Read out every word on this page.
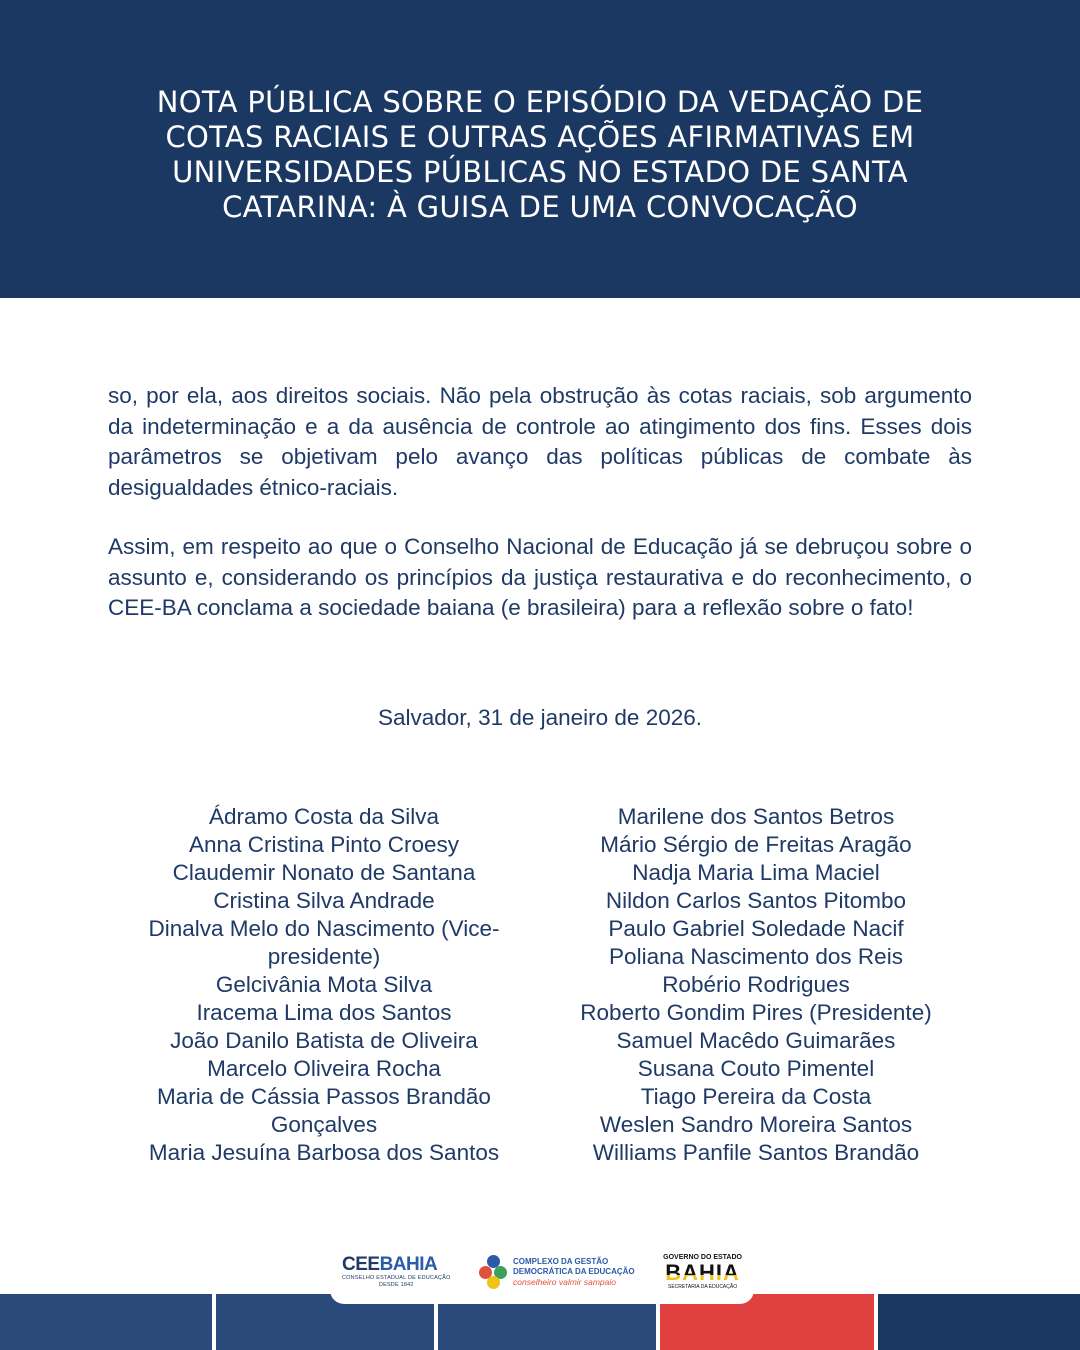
NOTA PÚBLICA SOBRE O EPISÓDIO DA VEDAÇÃO DE COTAS RACIAIS E OUTRAS AÇÕES AFIRMATIVAS EM UNIVERSIDADES PÚBLICAS NO ESTADO DE SANTA CATARINA: À GUISA DE UMA CONVOCAÇÃO

so, por ela, aos direitos sociais. Não pela obstrução às cotas raciais, sob argumento da indeterminação e a da ausência de controle ao atingimento dos fins. Esses dois parâmetros se objetivam pelo avanço das políticas públicas de combate às desigualdades étnico-raciais.

Assim, em respeito ao que o Conselho Nacional de Educação já se debruçou sobre o assunto e, considerando os princípios da justiça restaurativa e do reconhecimento, o CEE-BA conclama a sociedade baiana (e brasileira) para a reflexão sobre o fato!

Salvador, 31 de janeiro de 2026.
Ádramo Costa da Silva
Anna Cristina Pinto Croesy
Claudemir Nonato de Santana
Cristina Silva Andrade
Dinalva Melo do Nascimento (Vice-presidente)
Gelcivânia Mota Silva
Iracema Lima dos Santos
João Danilo Batista de Oliveira
Marcelo Oliveira Rocha
Maria de Cássia Passos Brandão Gonçalves
Maria Jesuína Barbosa dos Santos
Marilene dos Santos Betros
Mário Sérgio de Freitas Aragão
Nadja Maria Lima Maciel
Nildon Carlos Santos Pitombo
Paulo Gabriel Soledade Nacif
Poliana Nascimento dos Reis
Robério Rodrigues
Roberto Gondim Pires (Presidente)
Samuel Macêdo Guimarães
Susana Couto Pimentel
Tiago Pereira da Costa
Weslen Sandro Moreira Santos
Williams Panfile Santos Brandão
CEEBAHIA
CONSELHO ESTADUAL DE EDUCAÇÃO
DESDE 1842
COMPLEXO DA GESTÃO
DEMOCRÁTICA DA EDUCAÇÃO
conselheiro valmir sampaio
GOVERNO DO ESTADO
BAHIA
SECRETARIA DA EDUCAÇÃO
